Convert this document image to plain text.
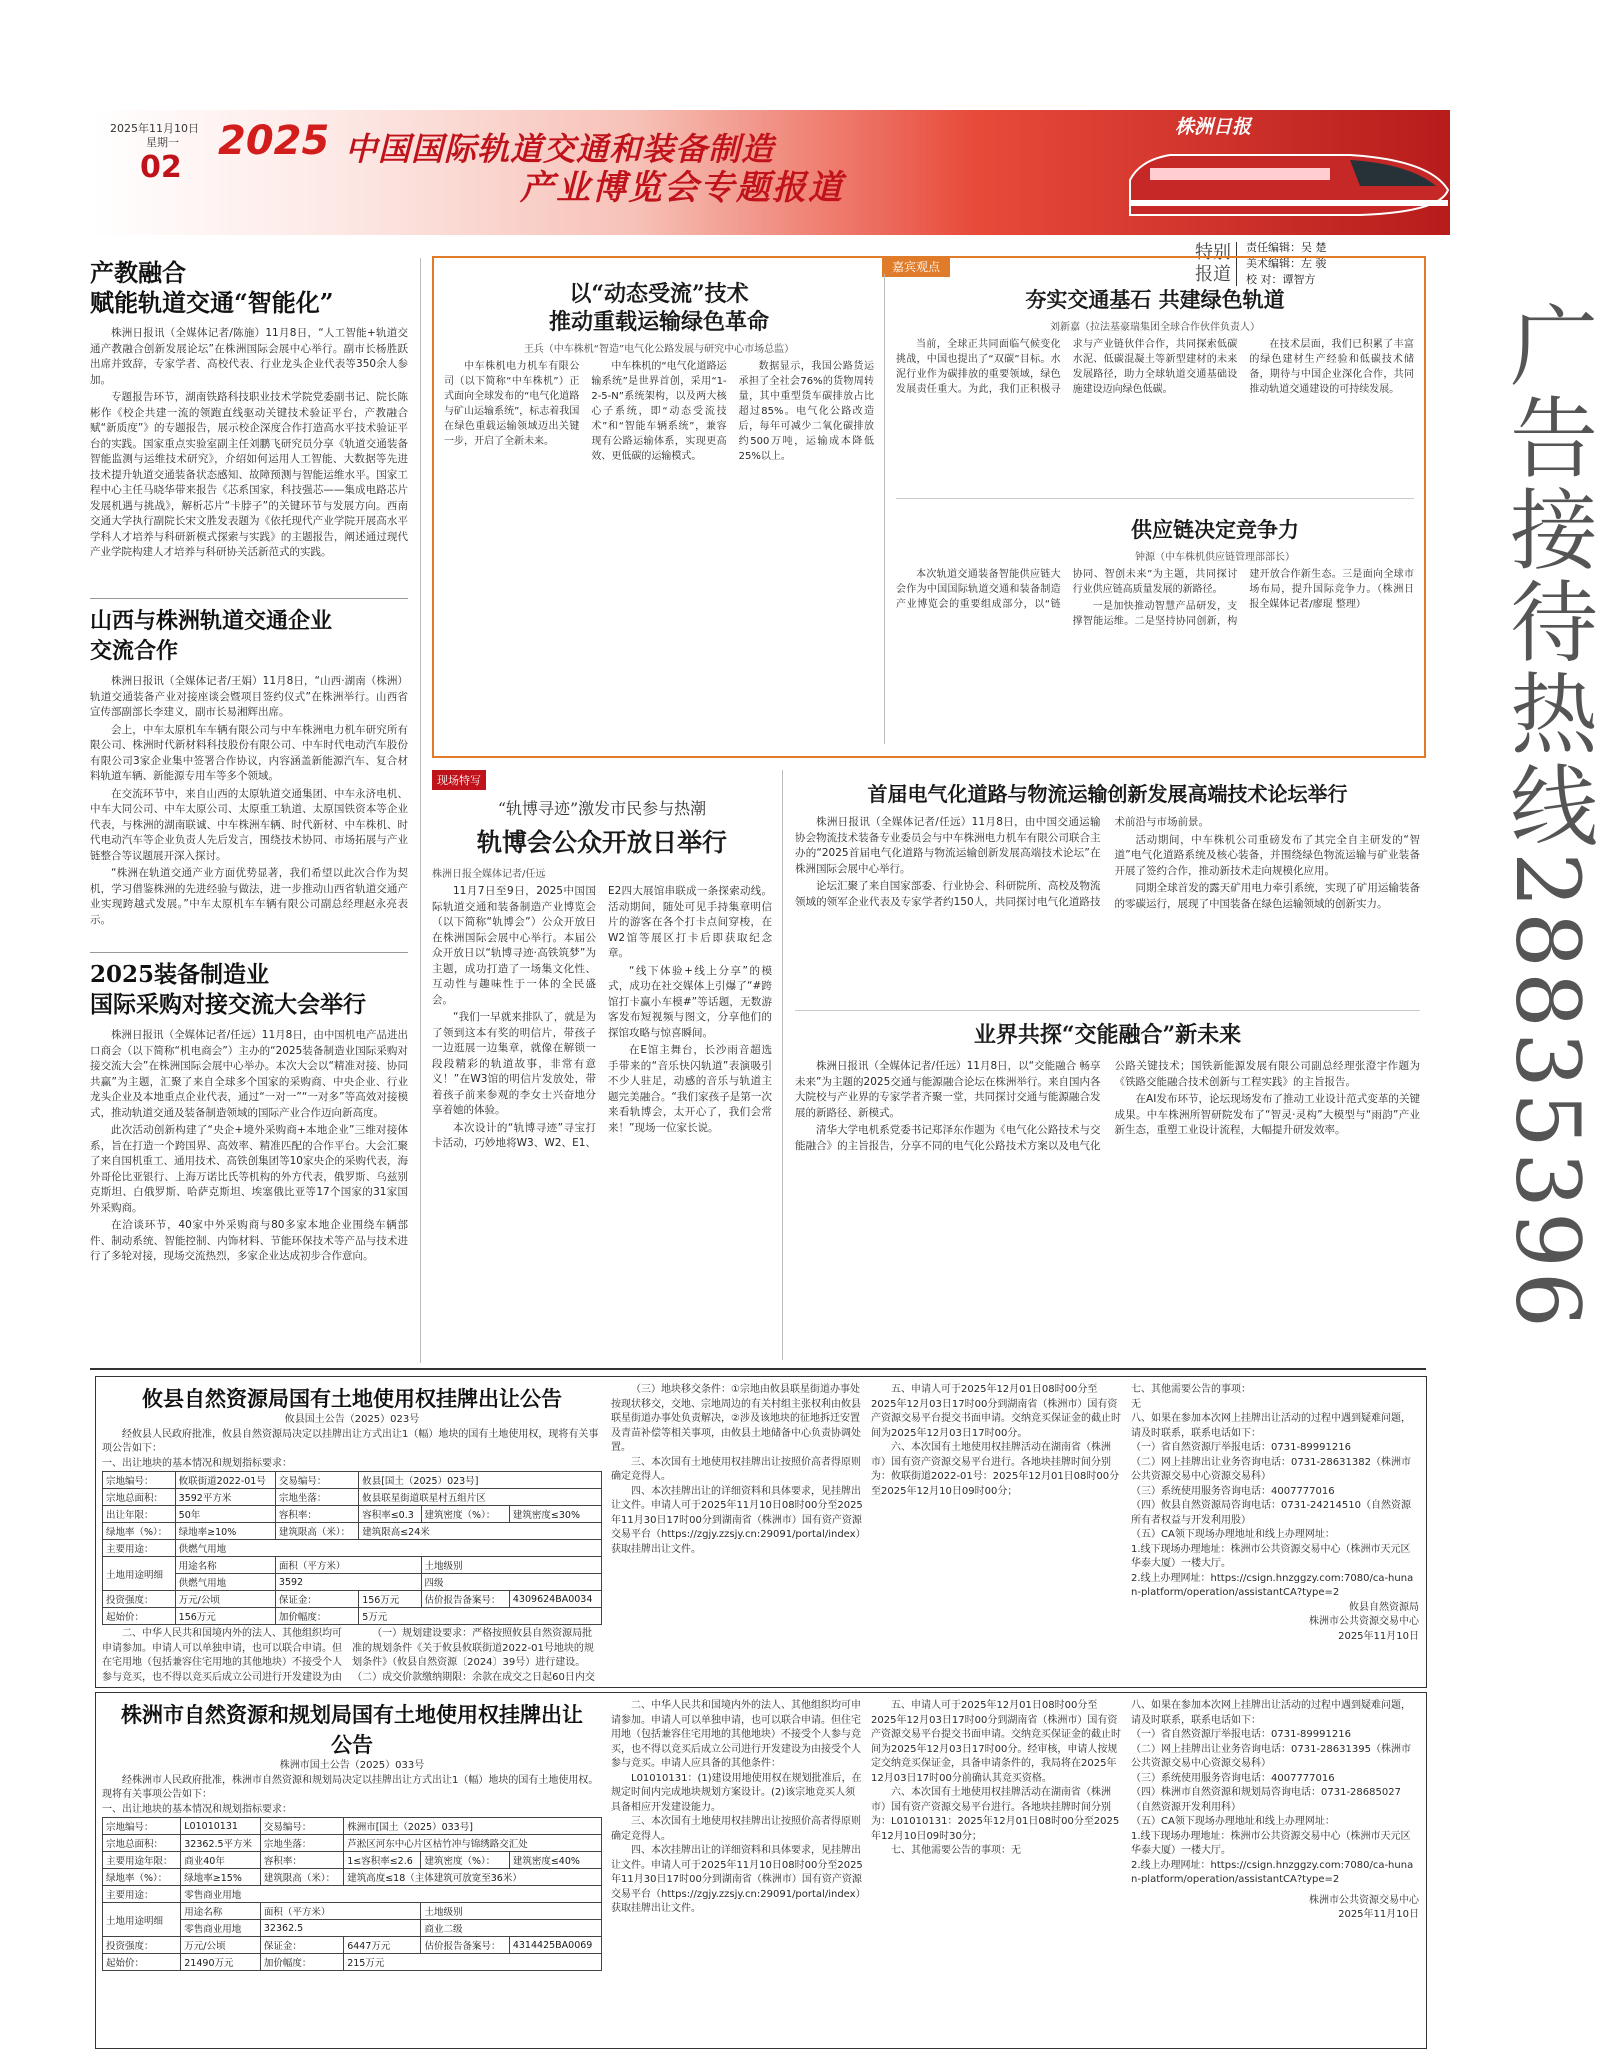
2025年11月10日
星期一
02
2025 中国国际轨道交通和装备制造
产业博览会专题报道
株洲日报
特别
报道
责任编辑：吴 楚
美术编辑：左 骏
校 对：谭智方
广告接待热线28835396
产教融合
赋能轨道交通“智能化”

株洲日报讯（全媒体记者/陈施）11月8日，“人工智能+轨道交通产教融合创新发展论坛”在株洲国际会展中心举行。副市长杨胜跃出席并致辞，专家学者、高校代表、行业龙头企业代表等350余人参加。

专题报告环节，湖南铁路科技职业技术学院党委副书记、院长陈彬作《校企共建一流的领跑直线驱动关键技术验证平台，产教融合赋“新质度”》的专题报告，展示校企深度合作打造高水平技术验证平台的实践。国家重点实验室副主任刘鹏飞研究员分享《轨道交通装备智能监测与运维技术研究》，介绍如何运用人工智能、大数据等先进技术提升轨道交通装备状态感知、故障预测与智能运维水平。国家工程中心主任马晓华带来报告《芯系国家，科技强芯——集成电路芯片发展机遇与挑战》，解析芯片“卡脖子”的关键环节与发展方向。西南交通大学执行副院长宋文胜发表题为《依托现代产业学院开展高水平学科人才培养与科研新模式探索与实践》的主题报告，阐述通过现代产业学院构建人才培养与科研协关活新范式的实践。

山西与株洲轨道交通企业
交流合作

株洲日报讯（全媒体记者/王娟）11月8日，“山西·湖南（株洲）轨道交通装备产业对接座谈会暨项目签约仪式”在株洲举行。山西省宣传部副部长李建义，副市长易湘辉出席。

会上，中车太原机车车辆有限公司与中车株洲电力机车研究所有限公司、株洲时代新材料科技股份有限公司、中车时代电动汽车股份有限公司3家企业集中签署合作协议，内容涵盖新能源汽车、复合材料轨道车辆、新能源专用车等多个领域。

在交流环节中，来自山西的太原轨道交通集团、中车永济电机、中车大同公司、中车太原公司、太原重工轨道、太原国铁资本等企业代表，与株洲的湖南联诚、中车株洲车辆、时代新材、中车株机、时代电动汽车等企业负责人先后发言，围绕技术协同、市场拓展与产业链整合等议题展开深入探讨。

“株洲在轨道交通产业方面优势显著，我们希望以此次合作为契机，学习借鉴株洲的先进经验与做法，进一步推动山西省轨道交通产业实现跨越式发展。”中车太原机车车辆有限公司副总经理赵永亮表示。

2025装备制造业
国际采购对接交流大会举行

株洲日报讯（全媒体记者/任远）11月8日，由中国机电产品进出口商会（以下简称“机电商会”）主办的“2025装备制造业国际采购对接交流大会”在株洲国际会展中心举办。本次大会以“精准对接、协同共赢”为主题，汇聚了来自全球多个国家的采购商、中央企业、行业龙头企业及本地重点企业代表，通过“一对一”“一对多”等高效对接模式，推动轨道交通及装备制造领域的国际产业合作迈向新高度。

此次活动创新构建了“央企+境外采购商+本地企业”三维对接体系，旨在打造一个跨国界、高效率、精准匹配的合作平台。大会汇聚了来自国机重工、通用技术、高铁创集团等10家央企的采购代表，海外哥伦比亚银行、上海万诺比氏等机构的外方代表，俄罗斯、乌兹别克斯坦、白俄罗斯、哈萨克斯坦、埃塞俄比亚等17个国家的31家国外采购商。

在洽谈环节，40家中外采购商与80多家本地企业围绕车辆部件、制动系统、智能控制、内饰材料、节能环保技术等产品与技术进行了多轮对接，现场交流热烈，多家企业达成初步合作意向。

嘉宾观点
以“动态受流”技术
推动重载运输绿色革命
王兵（中车株机“智造”电气化公路发展与研究中心市场总监）

中车株机电力机车有限公司（以下简称“中车株机”）正式面向全球发布的“电气化道路与矿山运输系统”，标志着我国在绿色重载运输领域迈出关键一步，开启了全新未来。

中车株机的“电气化道路运输系统”是世界首创，采用“1-2-5-N”系统架构，以及两大核心子系统，即“动态受流技术”和“智能车辆系统”，兼容现有公路运输体系，实现更高效、更低碳的运输模式。

数据显示，我国公路货运承担了全社会76%的货物周转量，其中重型货车碳排放占比超过85%。电气化公路改造后，每年可减少二氧化碳排放约500万吨，运输成本降低25%以上。

夯实交通基石 共建绿色轨道
刘新嘉（拉法基豪瑞集团全球合作伙伴负责人）

当前，全球正共同面临气候变化挑战，中国也提出了“双碳”目标。水泥行业作为碳排放的重要领域，绿色发展责任重大。为此，我们正积极寻求与产业链伙伴合作，共同探索低碳水泥、低碳混凝土等新型建材的未来发展路径，助力全球轨道交通基础设施建设迈向绿色低碳。

在技术层面，我们已积累了丰富的绿色建材生产经验和低碳技术储备，期待与中国企业深化合作，共同推动轨道交通建设的可持续发展。

供应链决定竞争力
钟源（中车株机供应链管理部部长）

本次轨道交通装备智能供应链大会作为中国国际轨道交通和装备制造产业博览会的重要组成部分，以“链协同、智创未来”为主题，共同探讨行业供应链高质量发展的新路径。

一是加快推动智慧产品研发，支撑智能运维。二是坚持协同创新，构建开放合作新生态。三是面向全球市场布局，提升国际竞争力。（株洲日报全媒体记者/廖琨 整理）

现场特写
“轨博寻迹”激发市民参与热潮
轨博会公众开放日举行
株洲日报全媒体记者/任远

11月7日至9日，2025中国国际轨道交通和装备制造产业博览会（以下简称“轨博会”）公众开放日在株洲国际会展中心举行。本届公众开放日以“轨博寻迹·高铁筑梦”为主题，成功打造了一场集文化性、互动性与趣味性于一体的全民盛会。

“我们一早就来排队了，就是为了领到这本有奖的明信片，带孩子一边逛展一边集章，就像在解锁一段段精彩的轨道故事，非常有意义！”在W3馆的明信片发放处，带着孩子前来参观的李女士兴奋地分享着她的体验。

本次设计的“轨博寻迹”寻宝打卡活动，巧妙地将W3、W2、E1、E2四大展馆串联成一条探索动线。活动期间，随处可见手持集章明信片的游客在各个打卡点间穿梭，在W2馆等展区打卡后即获取纪念章。

“线下体验+线上分享”的模式，成功在社交媒体上引爆了“#跨馆打卡赢小车模#”等话题，无数游客发布短视频与图文，分享他们的探馆攻略与惊喜瞬间。

在E馆主舞台，长沙雨音超选手带来的“音乐快闪轨道”表演吸引不少人驻足，动感的音乐与轨道主题完美融合。“我们家孩子是第一次来看轨博会，太开心了，我们会常来！”现场一位家长说。

首届电气化道路与物流运输创新发展高端技术论坛举行

株洲日报讯（全媒体记者/任远）11月8日，由中国交通运输协会物流技术装备专业委员会与中车株洲电力机车有限公司联合主办的“2025首届电气化道路与物流运输创新发展高端技术论坛”在株洲国际会展中心举行。

论坛汇聚了来自国家部委、行业协会、科研院所、高校及物流领域的领军企业代表及专家学者约150人，共同探讨电气化道路技术前沿与市场前景。

活动期间，中车株机公司重磅发布了其完全自主研发的“智道”电气化道路系统及核心装备，并围绕绿色物流运输与矿业装备开展了签约合作，推动新技术走向规模化应用。

同期全球首发的露天矿用电力牵引系统，实现了矿用运输装备的零碳运行，展现了中国装备在绿色运输领域的创新实力。

业界共探“交能融合”新未来

株洲日报讯（全媒体记者/任远）11月8日，以“交能融合 畅享未来”为主题的2025交通与能源融合论坛在株洲举行。来自国内各大院校与产业界的专家学者齐聚一堂，共同探讨交通与能源融合发展的新路径、新模式。

清华大学电机系党委书记郑泽东作题为《电气化公路技术与交能融合》的主旨报告，分享不同的电气化公路技术方案以及电气化公路关键技术；国铁新能源发展有限公司副总经理张澄宇作题为《铁路交能融合技术创新与工程实践》的主旨报告。

在AI发布环节，论坛现场发布了推动工业设计范式变革的关键成果。中车株洲所智研院发布了“智灵·灵构”大模型与“雨韵”产业新生态，重塑工业设计流程，大幅提升研发效率。

攸县自然资源局国有土地使用权挂牌出让公告
攸县国土公告（2025）023号
经攸县人民政府批准，攸县自然资源局决定以挂牌出让方式出让1（幅）地块的国有土地使用权，现将有关事项公告如下：
一、出让地块的基本情况和规划指标要求：
宗地编号：	攸联街道2022-01号	交易编号：	攸县[国土（2025）023号]		
宗地总面积：	3592平方米	宗地坐落：	攸县联星街道联星村五组片区		
出让年限：	50年	容积率：	容积率≤0.3	建筑密度（%）：	建筑密度≤30%
绿地率（%）：	绿地率≥10%	建筑限高（米）：	建筑限高≤24米		
主要用途：	供燃气用地				
土地用途明细	用途名称	面积（平方米）		土地级别	
	供燃气用地	3592		四级	
投资强度：	万元/公顷	保证金：	156万元	估价报告备案号：	4309624BA0034
起始价：	156万元	加价幅度：	5万元		
二、中华人民共和国境内外的法人、其他组织均可申请参加。申请人可以单独申请，也可以联合申请。但在宅用地（包括兼容住宅用地的其他地块）不接受个人参与竞买，也不得以竞买后成立公司进行开发建设为由 （一）规划建设要求：严格按照攸县自然资源局批准的规划条件《关于攸县攸联街道2022-01号地块的规划条件》（攸县自然资源〔2024〕39号）进行建设。（二）成交价款缴纳期限：余款在成交之日起60日内交
（三）地块移交条件：①宗地由攸县联星街道办事处按现状移交，交地、宗地周边的有关村组主张权利由攸县联星街道办事处负责解决，②涉及该地块的征地拆迁安置及青苗补偿等相关事项，由攸县土地储备中心负责协调处置。
三、本次国有土地使用权挂牌出让按照价高者得原则确定竞得人。
四、本次挂牌出让的详细资料和具体要求，见挂牌出让文件。申请人可于2025年11月10日08时00分至2025年11月30日17时00分到湖南省（株洲市）国有资产资源交易平台（https://zgjy.zzsjy.cn:29091/portal/index）获取挂牌出让文件。
五、申请人可于2025年12月01日08时00分至2025年12月03日17时00分到湖南省（株洲市）国有资产资源交易平台提交书面申请。交纳竞买保证金的截止时间为2025年12月03日17时00分。
六、本次国有土地使用权挂牌活动在湖南省（株洲市）国有资产资源交易平台进行。各地块挂牌时间分别为：攸联街道2022-01号：2025年12月01日08时00分至2025年12月10日09时00分；
七、其他需要公告的事项：
无
八、如果在参加本次网上挂牌出让活动的过程中遇到疑难问题，请及时联系，联系电话如下：
（一）省自然资源厅举报电话：0731-89991216
（二）网上挂牌出让业务咨询电话：0731-28631382（株洲市公共资源交易中心资源交易科）
（三）系统使用服务咨询电话：4007777016
（四）攸县自然资源局咨询电话：0731-24214510（自然资源所有者权益与开发利用股）
（五）CA领下现场办理地址和线上办理网址：
1.线下现场办理地址：株洲市公共资源交易中心（株洲市天元区华泰大厦）一楼大厅。
2.线上办理网址：https://csign.hnzggzy.com:7080/ca-hunan-platform/operation/assistantCA?type=2
攸县自然资源局
株洲市公共资源交易中心
2025年11月10日
株洲市自然资源和规划局国有土地使用权挂牌出让
公告
株洲市国土公告（2025）033号
经株洲市人民政府批准，株洲市自然资源和规划局决定以挂牌出让方式出让1（幅）地块的国有土地使用权。现将有关事项公告如下：
一、出让地块的基本情况和规划指标要求：
宗地编号：	L01010131	交易编号：	株洲市[国土（2025）033号]		
宗地总面积：	32362.5平方米	宗地坐落：	芦淞区河东中心片区枯竹冲与锦绣路交汇处		
主要用途年限：	商业40年	容积率：	1≤容积率≤2.6	建筑密度（%）：	建筑密度≤40%
绿地率（%）：	绿地率≥15%	建筑限高（米）：	建筑高度≤18（主体建筑可放宽至36米）		
主要用途：	零售商业用地				
土地用途明细	用途名称	面积（平方米）		土地级别	
	零售商业用地	32362.5		商业二级	
投资强度：	万元/公顷	保证金：	6447万元	估价报告备案号：	4314425BA0069
起始价：	21490万元	加价幅度：	215万元		
二、中华人民共和国境内外的法人、其他组织均可申请参加。申请人可以单独申请，也可以联合申请。但住宅用地（包括兼容住宅用地的其他地块）不接受个人参与竞买，也不得以竞买后成立公司进行开发建设为由接受个人参与竞买。申请人应具备的其他条件：
L01010131：(1)建设用地使用权在规划批准后，在规定时间内完成地块规划方案设计。(2)该宗地竞买人须具备相应开发建设能力。
三、本次国有土地使用权挂牌出让按照价高者得原则确定竞得人。
四、本次挂牌出让的详细资料和具体要求，见挂牌出让文件。申请人可于2025年11月10日08时00分至2025年11月30日17时00分到湖南省（株洲市）国有资产资源交易平台（https://zgjy.zzsjy.cn:29091/portal/index）获取挂牌出让文件。
五、申请人可于2025年12月01日08时00分至2025年12月03日17时00分到湖南省（株洲市）国有资产资源交易平台提交书面申请。交纳竞买保证金的截止时间为2025年12月03日17时00分。经审核，申请人按规定交纳竞买保证金，具备申请条件的，我局将在2025年12月03日17时00分前确认其竞买资格。
六、本次国有土地使用权挂牌活动在湖南省（株洲市）国有资产资源交易平台进行。各地块挂牌时间分别为：L01010131：2025年12月01日08时00分至2025年12月10日09时30分；
七、其他需要公告的事项：无
八、如果在参加本次网上挂牌出让活动的过程中遇到疑难问题，请及时联系，联系电话如下：
（一）省自然资源厅举报电话：0731-89991216
（二）网上挂牌出让业务咨询电话：0731-28631395（株洲市公共资源交易中心资源交易科）
（三）系统使用服务咨询电话：4007777016
（四）株洲市自然资源和规划局咨询电话：0731-28685027（自然资源开发利用科）
（五）CA领下现场办理地址和线上办理网址：
1.线下现场办理地址：株洲市公共资源交易中心（株洲市天元区华泰大厦）一楼大厅。
2.线上办理网址：https://csign.hnzggzy.com:7080/ca-hunan-platform/operation/assistantCA?type=2
株洲市公共资源交易中心
2025年11月10日
